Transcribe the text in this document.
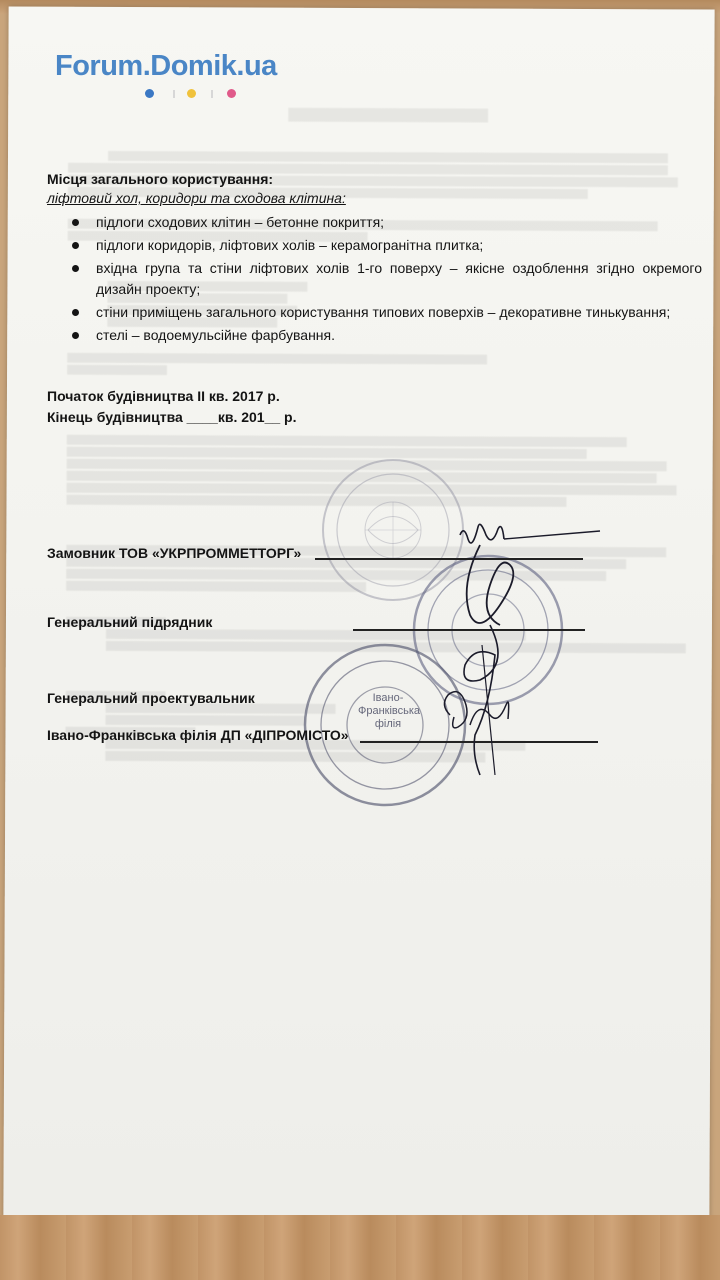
Forum.Domik.ua

Місця загального користування:

ліфтовий хол, коридори та сходова клітина:
підлоги сходових клітин – бетонне покриття;
підлоги коридорів, ліфтових холів – керамогранітна плитка;
вхідна група та стіни ліфтових холів 1-го поверху – якісне оздоблення згідно окремого дизайн проекту;
стіни приміщень загального користування типових поверхів – декоративне тинькування;
стелі – водоемульсійне фарбування.
Початок будівництва ІІ кв. 2017 р.
Кінець будівництва ____кв. 201__ р.
Івано-
Франківська
філія
Замовник ТОВ «УКРПРОММЕТТОРГ»
Генеральний підрядник
Генеральний проектувальник
Івано-Франківська філія ДП «ДІПРОМІСТО»
